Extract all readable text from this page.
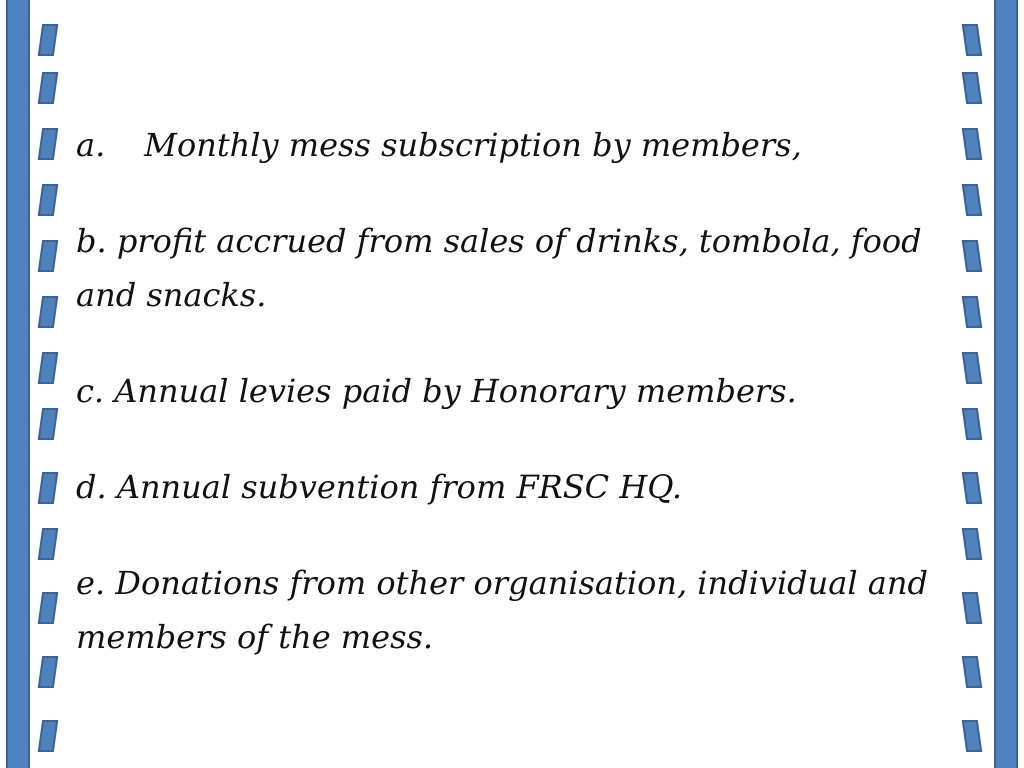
a. Monthly mess subscription by members,

b. profit accrued from sales of drinks, tombola, food and snacks.

c. Annual levies paid by Honorary members.

d. Annual subvention from FRSC HQ.

e. Donations from other organisation, individual and members of the mess.
